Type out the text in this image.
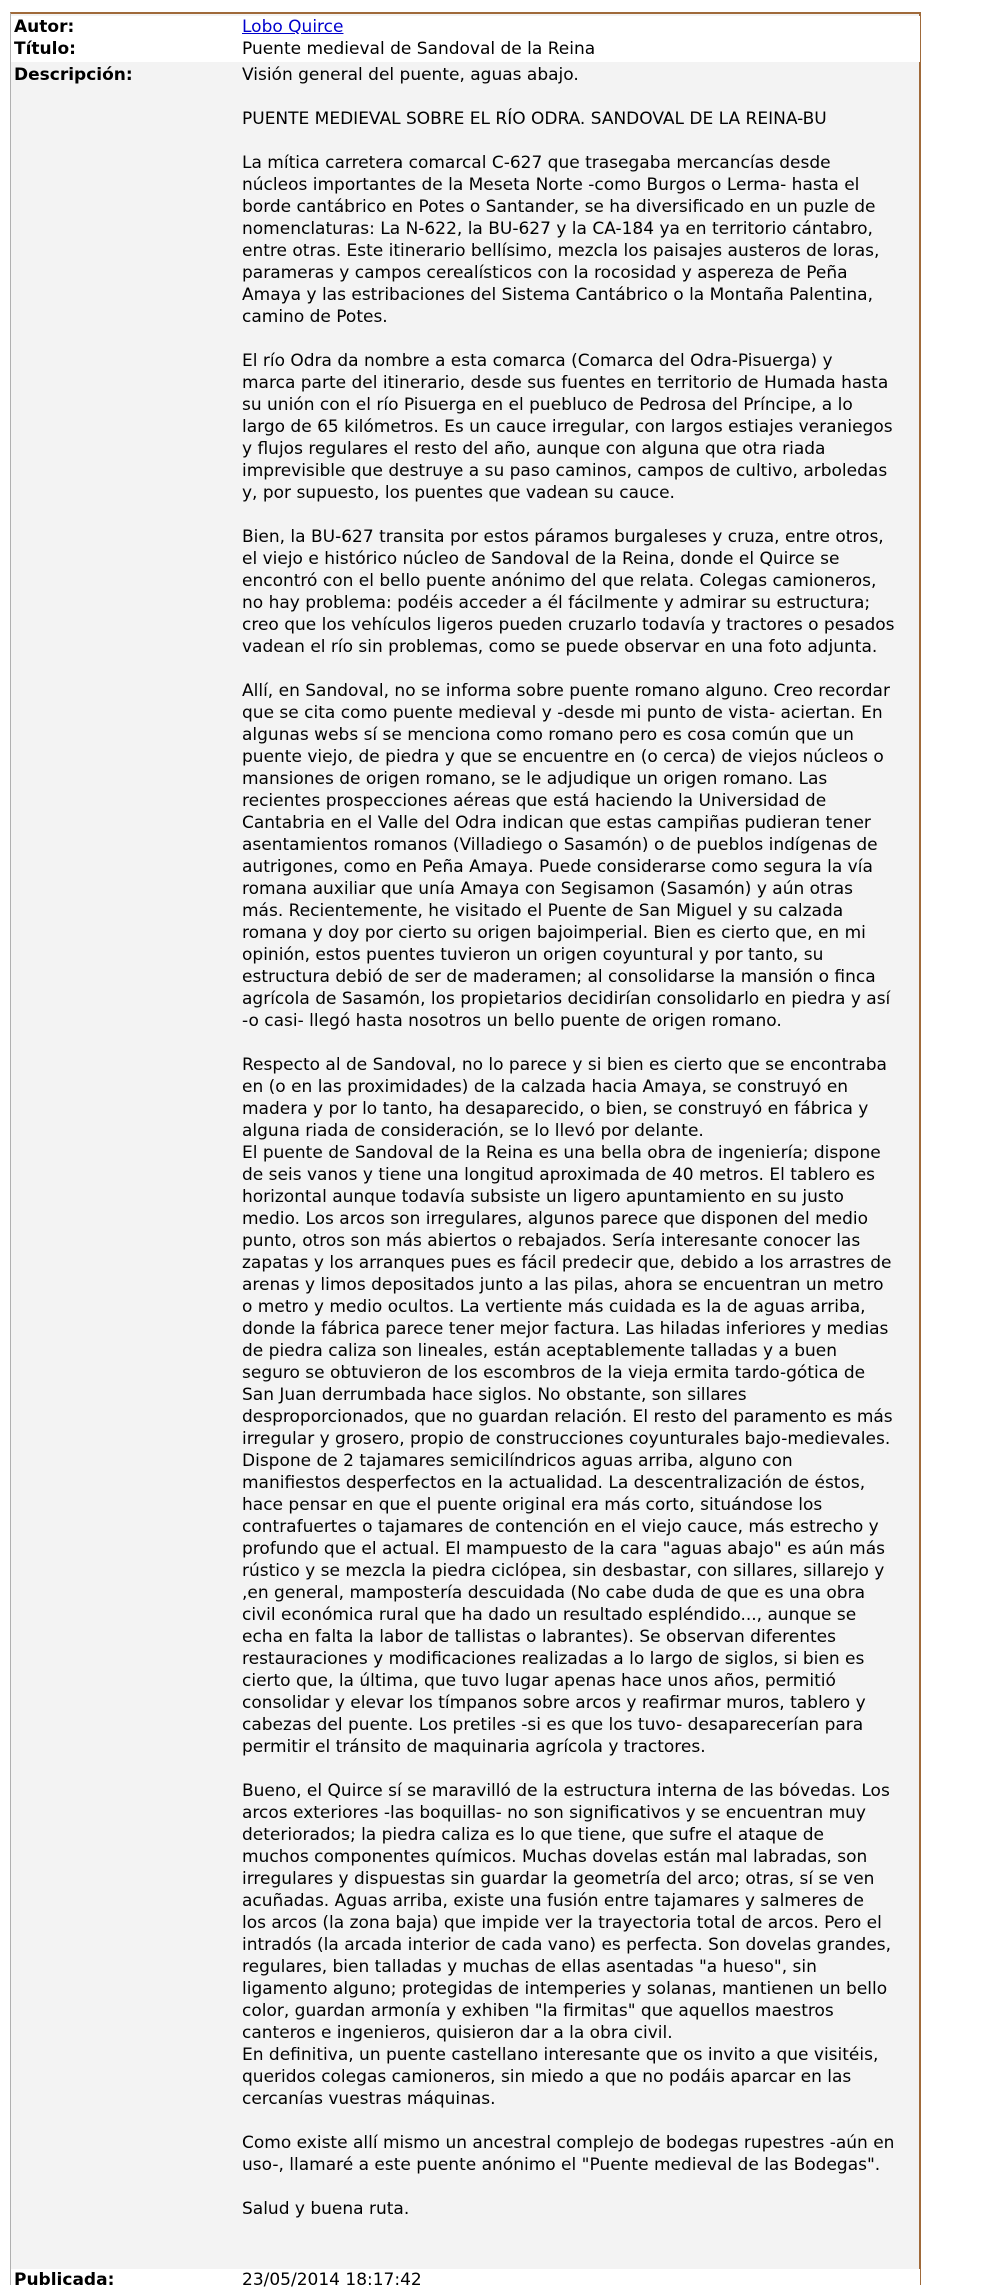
Autor:	Lobo Quirce
Título:	Puente medieval de Sandoval de la Reina
Descripción:	Visión general del puente, aguas abajo.
PUENTE MEDIEVAL SOBRE EL RÍO ODRA. SANDOVAL DE LA REINA-BU
La mítica carretera comarcal C-627 que trasegaba mercancías desde
núcleos importantes de la Meseta Norte -como Burgos o Lerma- hasta el
borde cantábrico en Potes o Santander, se ha diversificado en un puzle de
nomenclaturas: La N-622, la BU-627 y la CA-184 ya en territorio cántabro,
entre otras. Este itinerario bellísimo, mezcla los paisajes austeros de loras,
parameras y campos cerealísticos con la rocosidad y aspereza de Peña
Amaya y las estribaciones del Sistema Cantábrico o la Montaña Palentina,
camino de Potes.
El río Odra da nombre a esta comarca (Comarca del Odra-Pisuerga) y
marca parte del itinerario, desde sus fuentes en territorio de Humada hasta
su unión con el río Pisuerga en el puebluco de Pedrosa del Príncipe, a lo
largo de 65 kilómetros. Es un cauce irregular, con largos estiajes veraniegos
y flujos regulares el resto del año, aunque con alguna que otra riada
imprevisible que destruye a su paso caminos, campos de cultivo, arboledas
y, por supuesto, los puentes que vadean su cauce.
Bien, la BU-627 transita por estos páramos burgaleses y cruza, entre otros,
el viejo e histórico núcleo de Sandoval de la Reina, donde el Quirce se
encontró con el bello puente anónimo del que relata. Colegas camioneros,
no hay problema: podéis acceder a él fácilmente y admirar su estructura;
creo que los vehículos ligeros pueden cruzarlo todavía y tractores o pesados
vadean el río sin problemas, como se puede observar en una foto adjunta.
Allí, en Sandoval, no se informa sobre puente romano alguno. Creo recordar
que se cita como puente medieval y -desde mi punto de vista- aciertan. En
algunas webs sí se menciona como romano pero es cosa común que un
puente viejo, de piedra y que se encuentre en (o cerca) de viejos núcleos o
mansiones de origen romano, se le adjudique un origen romano. Las
recientes prospecciones aéreas que está haciendo la Universidad de
Cantabria en el Valle del Odra indican que estas campiñas pudieran tener
asentamientos romanos (Villadiego o Sasamón) o de pueblos indígenas de
autrigones, como en Peña Amaya. Puede considerarse como segura la vía
romana auxiliar que unía Amaya con Segisamon (Sasamón) y aún otras
más. Recientemente, he visitado el Puente de San Miguel y su calzada
romana y doy por cierto su origen bajoimperial. Bien es cierto que, en mi
opinión, estos puentes tuvieron un origen coyuntural y por tanto, su
estructura debió de ser de maderamen; al consolidarse la mansión o finca
agrícola de Sasamón, los propietarios decidirían consolidarlo en piedra y así
-o casi- llegó hasta nosotros un bello puente de origen romano.
Respecto al de Sandoval, no lo parece y si bien es cierto que se encontraba
en (o en las proximidades) de la calzada hacia Amaya, se construyó en
madera y por lo tanto, ha desaparecido, o bien, se construyó en fábrica y
alguna riada de consideración, se lo llevó por delante.
El puente de Sandoval de la Reina es una bella obra de ingeniería; dispone
de seis vanos y tiene una longitud aproximada de 40 metros. El tablero es
horizontal aunque todavía subsiste un ligero apuntamiento en su justo
medio. Los arcos son irregulares, algunos parece que disponen del medio
punto, otros son más abiertos o rebajados. Sería interesante conocer las
zapatas y los arranques pues es fácil predecir que, debido a los arrastres de
arenas y limos depositados junto a las pilas, ahora se encuentran un metro
o metro y medio ocultos. La vertiente más cuidada es la de aguas arriba,
donde la fábrica parece tener mejor factura. Las hiladas inferiores y medias
de piedra caliza son lineales, están aceptablemente talladas y a buen
seguro se obtuvieron de los escombros de la vieja ermita tardo-gótica de
San Juan derrumbada hace siglos. No obstante, son sillares
desproporcionados, que no guardan relación. El resto del paramento es más
irregular y grosero, propio de construcciones coyunturales bajo-medievales.
Dispone de 2 tajamares semicilíndricos aguas arriba, alguno con
manifiestos desperfectos en la actualidad. La descentralización de éstos,
hace pensar en que el puente original era más corto, situándose los
contrafuertes o tajamares de contención en el viejo cauce, más estrecho y
profundo que el actual. El mampuesto de la cara "aguas abajo" es aún más
rústico y se mezcla la piedra ciclópea, sin desbastar, con sillares, sillarejo y
,en general, mampostería descuidada (No cabe duda de que es una obra
civil económica rural que ha dado un resultado espléndido..., aunque se
echa en falta la labor de tallistas o labrantes). Se observan diferentes
restauraciones y modificaciones realizadas a lo largo de siglos, si bien es
cierto que, la última, que tuvo lugar apenas hace unos años, permitió
consolidar y elevar los tímpanos sobre arcos y reafirmar muros, tablero y
cabezas del puente. Los pretiles -si es que los tuvo- desaparecerían para
permitir el tránsito de maquinaria agrícola y tractores.
Bueno, el Quirce sí se maravilló de la estructura interna de las bóvedas. Los
arcos exteriores -las boquillas- no son significativos y se encuentran muy
deteriorados; la piedra caliza es lo que tiene, que sufre el ataque de
muchos componentes químicos. Muchas dovelas están mal labradas, son
irregulares y dispuestas sin guardar la geometría del arco; otras, sí se ven
acuñadas. Aguas arriba, existe una fusión entre tajamares y salmeres de
los arcos (la zona baja) que impide ver la trayectoria total de arcos. Pero el
intradós (la arcada interior de cada vano) es perfecta. Son dovelas grandes,
regulares, bien talladas y muchas de ellas asentadas "a hueso", sin
ligamento alguno; protegidas de intemperies y solanas, mantienen un bello
color, guardan armonía y exhiben "la firmitas" que aquellos maestros
canteros e ingenieros, quisieron dar a la obra civil.
En definitiva, un puente castellano interesante que os invito a que visitéis,
queridos colegas camioneros, sin miedo a que no podáis aparcar en las
cercanías vuestras máquinas.
Como existe allí mismo un ancestral complejo de bodegas rupestres -aún en
uso-, llamaré a este puente anónimo el "Puente medieval de las Bodegas".
Salud y buena ruta.
Publicada:	23/05/2014 18:17:42
